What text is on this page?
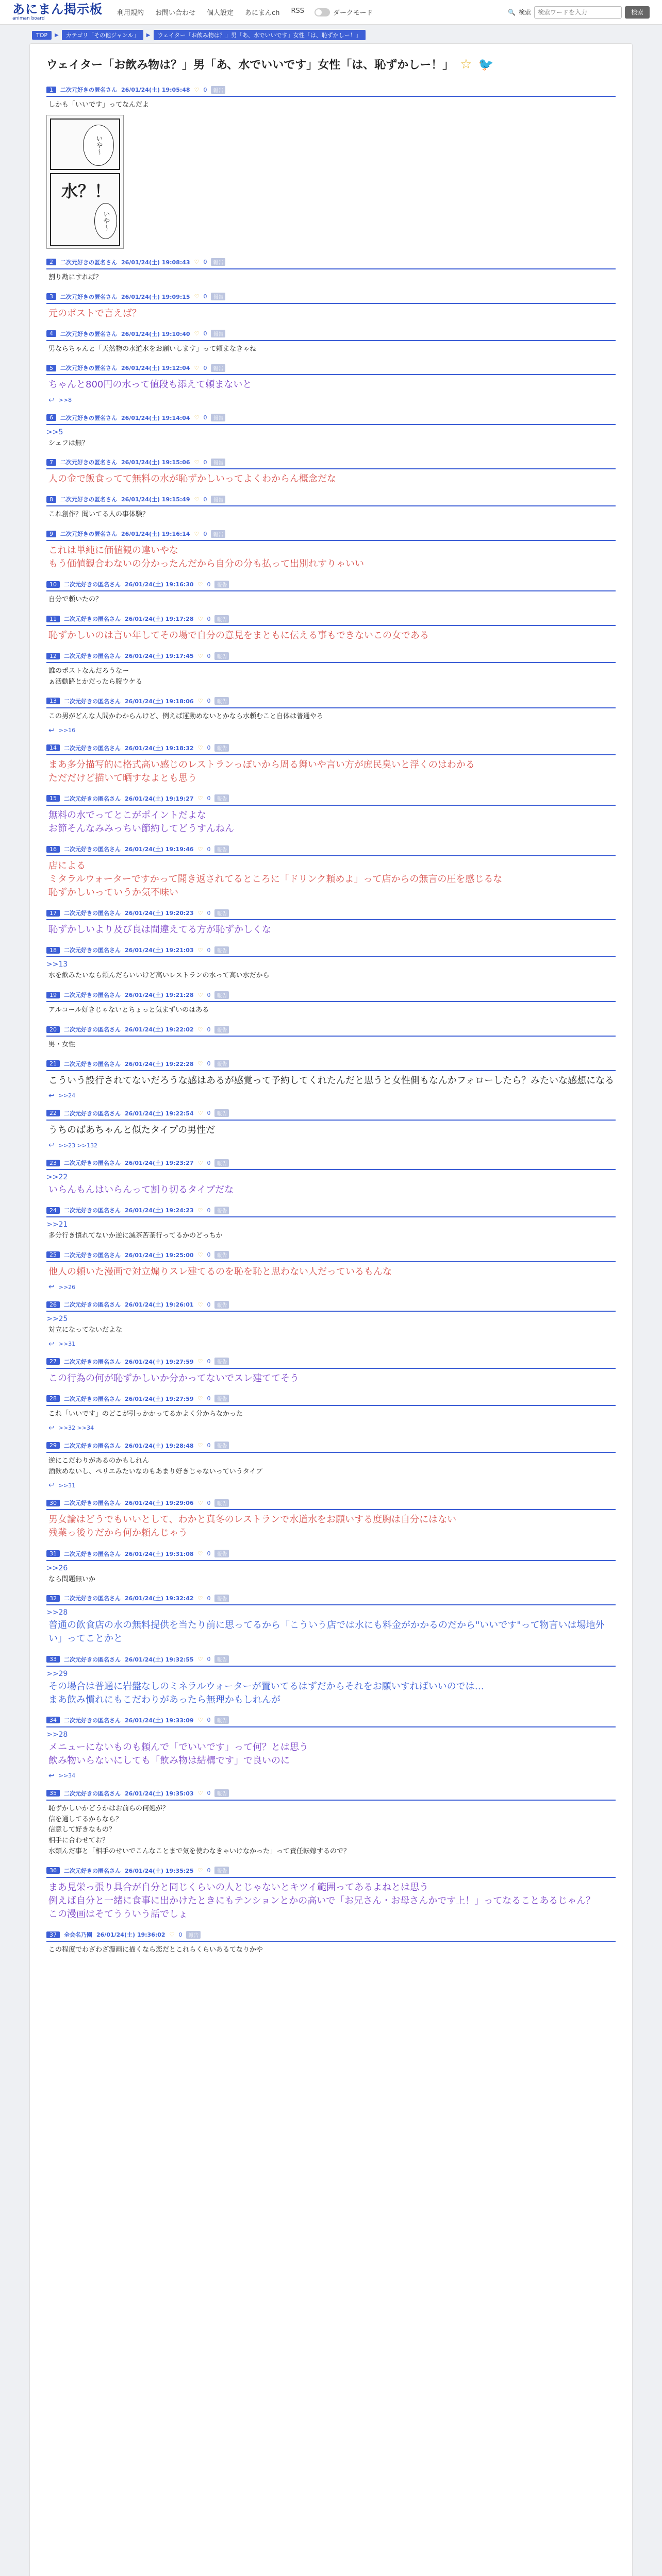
あにまん掲示板
animan board
利用規約 お問い合わせ 個人設定 あにまんch RSS	ダークモード	🔍 検索
検索ワードを入力	検索
TOP	▶	カテゴリ「その他ジャンル」	▶	ウェイター「お飲み物は？」男「あ、水でいいです」女性「は、恥ずかしー！」
ウェイター「お飲み物は？」男「あ、水でいいです」女性「は、恥ずかしー！」 ☆ 🐦
1	二次元好きの匿名さん 26/01/24(土) 19:05:48 ♡ 0	報告
しかも「いいです」ってなんだよ
いや～
水？！
いや～
2	二次元好きの匿名さん 26/01/24(土) 19:08:43 ♡ 0	報告
割り勘にすれば？
3	二次元好きの匿名さん 26/01/24(土) 19:09:15 ♡ 0	報告
元のポストで言えば？
4	二次元好きの匿名さん 26/01/24(土) 19:10:40 ♡ 0	報告
男ならちゃんと「天然物の水道水をお願いします」って頼まなきゃね
5	二次元好きの匿名さん 26/01/24(土) 19:12:04 ♡ 0	報告
ちゃんと800円の水って値段も添えて頼まないと
↩ >>8
6	二次元好きの匿名さん 26/01/24(土) 19:14:04 ♡ 0	報告
>>5
シェフは無？
7	二次元好きの匿名さん 26/01/24(土) 19:15:06 ♡ 0	報告
人の金で飯食ってて無料の水が恥ずかしいってよくわからん概念だな
8	二次元好きの匿名さん 26/01/24(土) 19:15:49 ♡ 0	報告
これ創作？聞いてる人の事体験？
9	二次元好きの匿名さん 26/01/24(土) 19:16:14 ♡ 0	報告
これは単純に価値観の違いやな
もう価値観合わないの分かったんだから自分の分も払って出別れすりゃいい
10	二次元好きの匿名さん 26/01/24(土) 19:16:30 ♡ 0	報告
自分で頼いたの？
11	二次元好きの匿名さん 26/01/24(土) 19:17:28 ♡ 0	報告
恥ずかしいのは言い年してその場で自分の意見をまともに伝える事もできないこの女である
12	二次元好きの匿名さん 26/01/24(土) 19:17:45 ♡ 0	報告
誰のポストなんだろうなー
ぁ活動路とかだったら腹ウケる
13	二次元好きの匿名さん 26/01/24(土) 19:18:06 ♡ 0	報告
この男がどんな人間かわからんけど、例えば運動めないとかなら水頼むこと自体は普通やろ
↩ >>16
14	二次元好きの匿名さん 26/01/24(土) 19:18:32 ♡ 0	報告
まあ多分描写的に格式高い感じのレストランっぽいから周る舞いや言い方が庶民臭いと浮くのはわかる
ただだけど描いて晒すなよとも思う
15	二次元好きの匿名さん 26/01/24(土) 19:19:27 ♡ 0	報告
無料の水でってとこがポイントだよな
お節そんなみみっちい節約してどうすんねん
16	二次元好きの匿名さん 26/01/24(土) 19:19:46 ♡ 0	報告
店による
ミタラルウォーターですかって聞き返されてるところに「ドリンク頼めよ」って店からの無言の圧を感じるな
恥ずかしいっていうか気不味い
17	二次元好きの匿名さん 26/01/24(土) 19:20:23 ♡ 0	報告
恥ずかしいより及び良は間違えてる方が恥ずかしくな
18	二次元好きの匿名さん 26/01/24(土) 19:21:03 ♡ 0	報告
>>13
水を飲みたいなら頼んだらいいけど高いレストランの水って高い水だから
19	二次元好きの匿名さん 26/01/24(土) 19:21:28 ♡ 0	報告
アルコール好きじゃないとちょっと気まずいのはある
20	二次元好きの匿名さん 26/01/24(土) 19:22:02 ♡ 0	報告
男・女性
21	二次元好きの匿名さん 26/01/24(土) 19:22:28 ♡ 0	報告
こういう設行されてないだろうな感はあるが感覚って予約してくれたんだと思うと女性側もなんかフォローしたら？みたいな感想になる
↩ >>24
22	二次元好きの匿名さん 26/01/24(土) 19:22:54 ♡ 0	報告
うちのばあちゃんと似たタイプの男性だ
↩ >>23 >>132
23	二次元好きの匿名さん 26/01/24(土) 19:23:27 ♡ 0	報告
>>22
いらんもんはいらんって割り切るタイプだな
24	二次元好きの匿名さん 26/01/24(土) 19:24:23 ♡ 0	報告
>>21
多分行き慣れてないか逆に滅茶苦茶行ってるかのどっちか
25	二次元好きの匿名さん 26/01/24(土) 19:25:00 ♡ 0	報告
他人の頼いた漫画で対立煽りスレ建てるのを恥を恥と思わない人だっているもんな
↩ >>26
26	二次元好きの匿名さん 26/01/24(土) 19:26:01 ♡ 0	報告
>>25
対立になってないだよな
↩ >>31
27	二次元好きの匿名さん 26/01/24(土) 19:27:59 ♡ 0	報告
この行為の何が恥ずかしいか分かってないでスレ建ててそう
28	二次元好きの匿名さん 26/01/24(土) 19:27:59 ♡ 0	報告
これ「いいです」のどこが引っかかってるかよく分からなかった
↩ >>32 >>34
29	二次元好きの匿名さん 26/01/24(土) 19:28:48 ♡ 0	報告
逆にこだわりがあるのかもしれん
酒飲めないし、ペリエみたいなのもあまり好きじゃないっていうタイプ
↩ >>31
30	二次元好きの匿名さん 26/01/24(土) 19:29:06 ♡ 0	報告
男女論はどうでもいいとして、わかと真冬のレストランで水道水をお願いする度胸は自分にはない
残業っ後りだから何か頼んじゃう
31	二次元好きの匿名さん 26/01/24(土) 19:31:08 ♡ 0	報告
>>26
なら問題無いか
32	二次元好きの匿名さん 26/01/24(土) 19:32:42 ♡ 0	報告
>>28
普通の飲食店の水の無料提供を当たり前に思ってるから「こういう店では水にも料金がかかるのだから"いいです"って物言いは場地外い」ってことかと
33	二次元好きの匿名さん 26/01/24(土) 19:32:55 ♡ 0	報告
>>29
その場合は普通に岩盤なしのミネラルウォーターが置いてるはずだからそれをお願いすればいいのでは…
まあ飲み慣れにもこだわりがあったら無理かもしれんが
34	二次元好きの匿名さん 26/01/24(土) 19:33:09 ♡ 0	報告
>>28
メニューにないものも頼んで「でいいです」って何？とは思う
飲み物いらないにしても「飲み物は結構です」で良いのに
↩ >>34
35	二次元好きの匿名さん 26/01/24(土) 19:35:03 ♡ 0	報告
恥ずかしいかどうかはお前らの何処が？
信を通してるからなら？
信意して好きなもの？
相手に合わせてお？
水類んだ事と「相手のせいでこんなことまで気を使わなきゃいけなかった」って責任転嫁するので？
36	二次元好きの匿名さん 26/01/24(土) 19:35:25 ♡ 0	報告
まあ見栄っ張り具合が自分と同じくらいの人とじゃないとキツイ範囲ってあるよねとは思う
例えば自分と一緒に食事に出かけたときにもテンションとかの高いで「お兄さん・お母さんかです上！」ってなることあるじゃん？
この漫画はそてうういう話でしょ
37	全会名乃園 26/01/24(土) 19:36:02 ♡ 0	報告
この程度でわざわざ漫画に描くなら恋だとこれらくらいあるてなりかや
